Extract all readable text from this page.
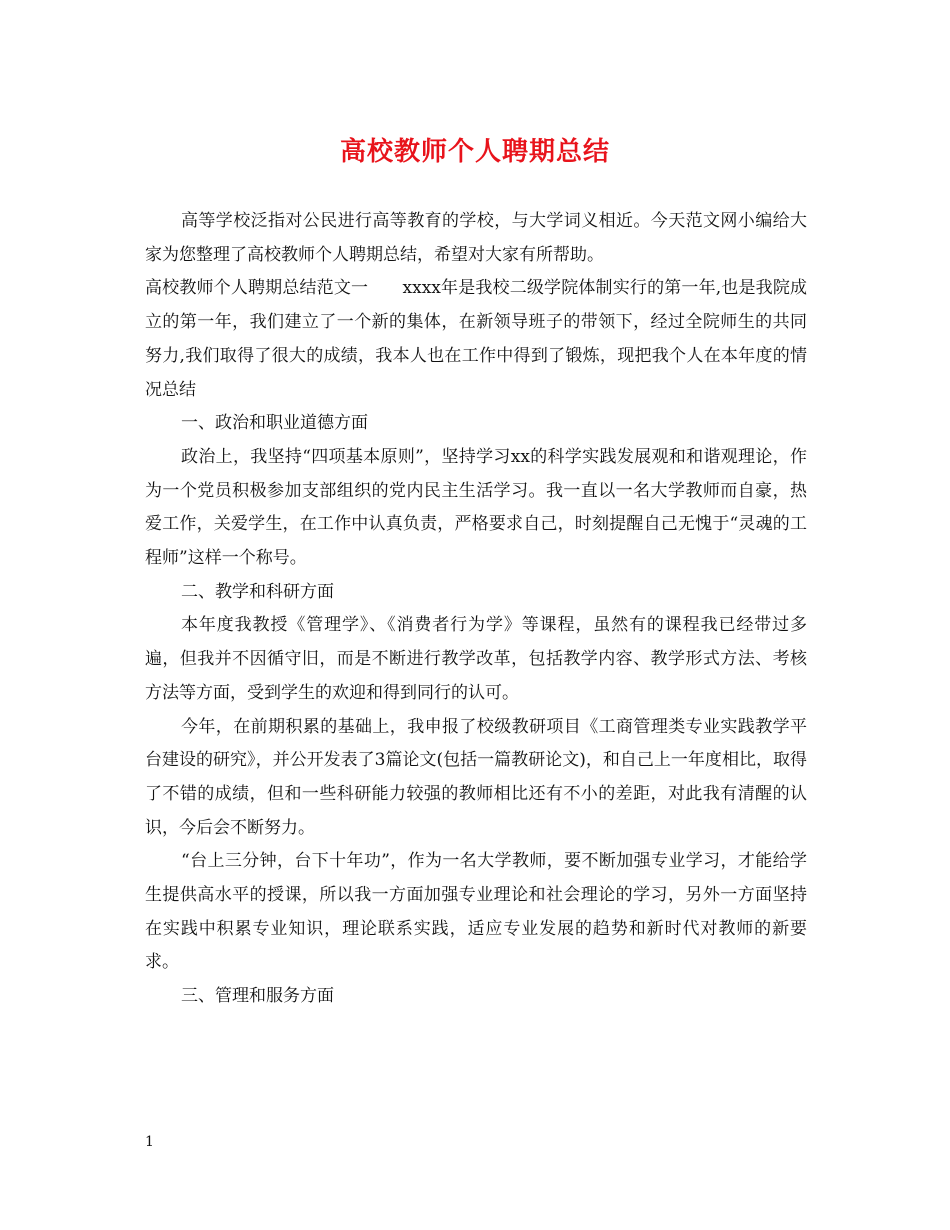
高校教师个人聘期总结

高等学校泛指对公民进行高等教育的学校，与大学词义相近。今天范文网小编给大家为您整理了高校教师个人聘期总结，希望对大家有所帮助。

高校教师个人聘期总结范文一　　xxxx年是我校二级学院体制实行的第一年,也是我院成立的第一年，我们建立了一个新的集体，在新领导班子的带领下，经过全院师生的共同努力,我们取得了很大的成绩，我本人也在工作中得到了锻炼，现把我个人在本年度的情况总结

一、政治和职业道德方面

政治上，我坚持“四项基本原则”，坚持学习xx的科学实践发展观和和谐观理论，作为一个党员积极参加支部组织的党内民主生活学习。我一直以一名大学教师而自豪，热爱工作，关爱学生，在工作中认真负责，严格要求自己，时刻提醒自己无愧于“灵魂的工程师”这样一个称号。

二、教学和科研方面

本年度我教授《管理学》、《消费者行为学》等课程，虽然有的课程我已经带过多遍，但我并不因循守旧，而是不断进行教学改革，包括教学内容、教学形式方法、考核方法等方面，受到学生的欢迎和得到同行的认可。

今年，在前期积累的基础上，我申报了校级教研项目《工商管理类专业实践教学平台建设的研究》，并公开发表了3篇论文(包括一篇教研论文)，和自己上一年度相比，取得了不错的成绩，但和一些科研能力较强的教师相比还有不小的差距，对此我有清醒的认识，今后会不断努力。

“台上三分钟，台下十年功”，作为一名大学教师，要不断加强专业学习，才能给学生提供高水平的授课，所以我一方面加强专业理论和社会理论的学习，另外一方面坚持在实践中积累专业知识，理论联系实践，适应专业发展的趋势和新时代对教师的新要求。

三、管理和服务方面

1
